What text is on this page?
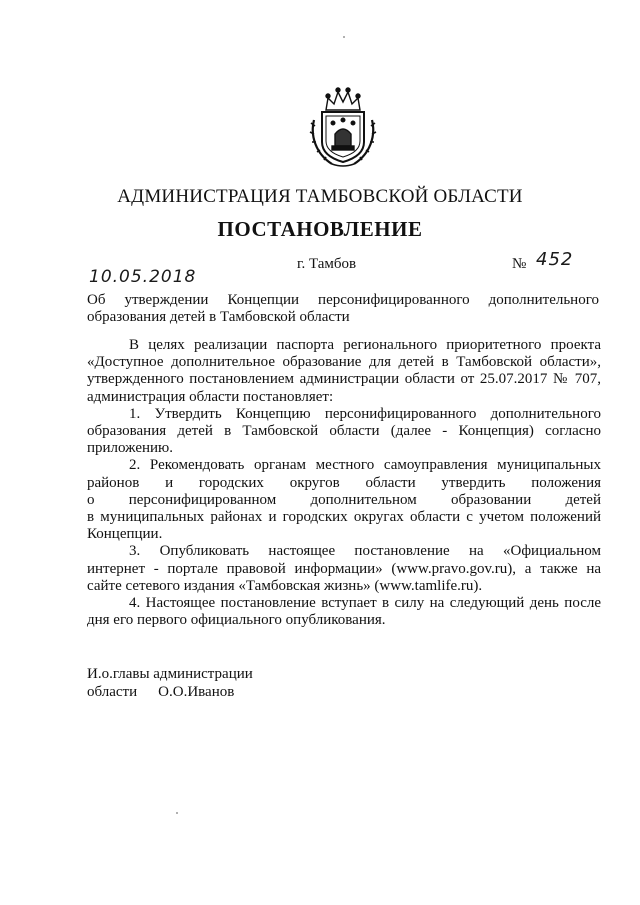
АДМИНИСТРАЦИЯ ТАМБОВСКОЙ ОБЛАСТИ
ПОСТАНОВЛЕНИЕ
10.05.2018
г. Тамбов	№ 452
Об утверждении Концепции персонифицированного дополнительного
образования детей в Тамбовской области
В целях реализации паспорта регионального приоритетного проекта
«Доступное дополнительное образование для детей в Тамбовской области»,
утвержденного постановлением администрации области от 25.07.2017 № 707,
администрация области постановляет:
1. Утвердить Концепцию персонифицированного дополнительного
образования детей в Тамбовской области (далее - Концепция) согласно
приложению.
2. Рекомендовать органам местного самоуправления муниципальных
районов и городских округов области утвердить положения
о персонифицированном дополнительном образовании детей
в муниципальных районах и городских округах области с учетом положений
Концепции.
3. Опубликовать настоящее постановление на «Официальном
интернет - портале правовой информации» (www.pravo.gov.ru), а также на
сайте сетевого издания «Тамбовская жизнь» (www.tamlife.ru).
4. Настоящее постановление вступает в силу на следующий день после
дня его первого официального опубликования.
И.о.главы администрации
области О.О.Иванов
